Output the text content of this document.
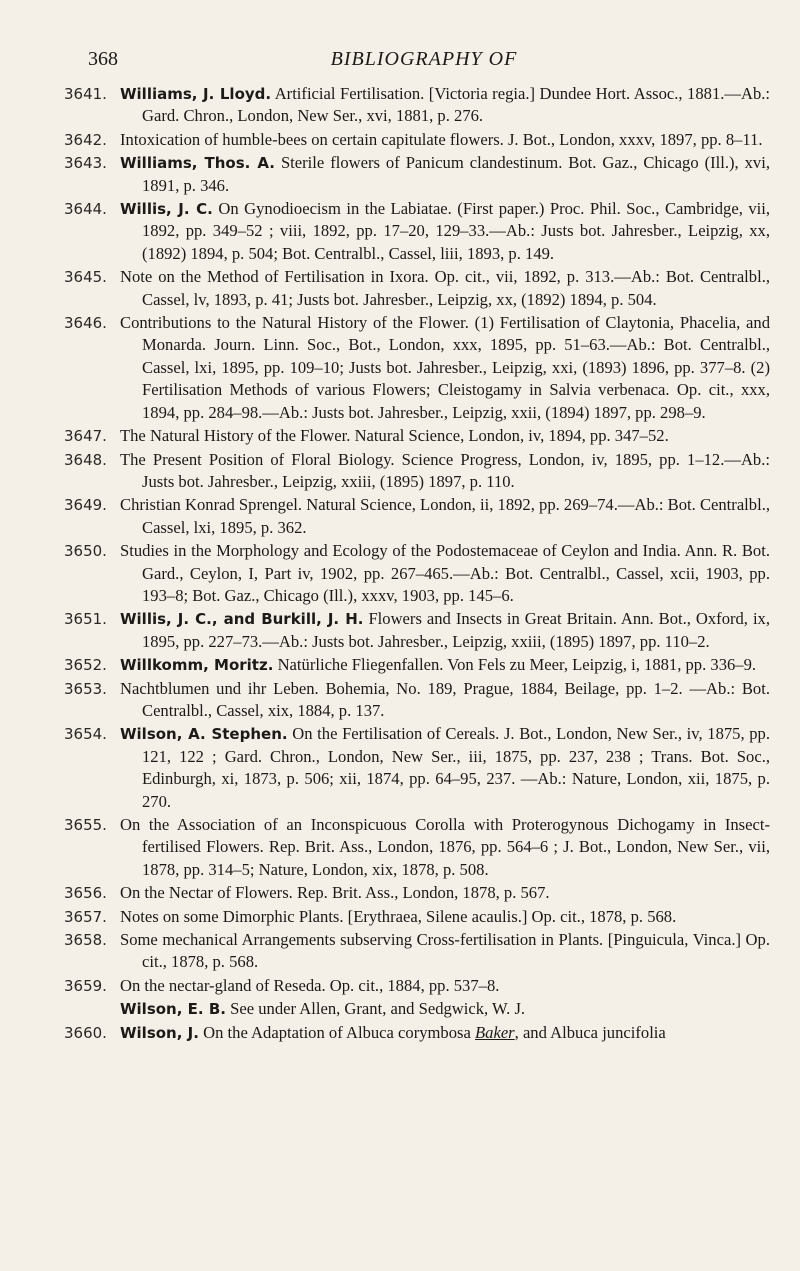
368	BIBLIOGRAPHY OF
3641. Williams, J. Lloyd. Artificial Fertilisation. [Victoria regia.] Dundee Hort. Assoc., 1881.—Ab.: Gard. Chron., London, New Ser., xvi, 1881, p. 276.
3642. Intoxication of humble-bees on certain capitulate flowers. J. Bot., London, xxxv, 1897, pp. 8–11.
3643. Williams, Thos. A. Sterile flowers of Panicum clandestinum. Bot. Gaz., Chicago (Ill.), xvi, 1891, p. 346.
3644. Willis, J. C. On Gynodioecism in the Labiatae. (First paper.) Proc. Phil. Soc., Cambridge, vii, 1892, pp. 349–52 ; viii, 1892, pp. 17–20, 129–33.—Ab.: Justs bot. Jahresber., Leipzig, xx, (1892) 1894, p. 504; Bot. Centralbl., Cassel, liii, 1893, p. 149.
3645. Note on the Method of Fertilisation in Ixora. Op. cit., vii, 1892, p. 313.—Ab.: Bot. Centralbl., Cassel, lv, 1893, p. 41; Justs bot. Jahresber., Leipzig, xx, (1892) 1894, p. 504.
3646. Contributions to the Natural History of the Flower. (1) Fertilisation of Claytonia, Phacelia, and Monarda. Journ. Linn. Soc., Bot., London, xxx, 1895, pp. 51–63.—Ab.: Bot. Centralbl., Cassel, lxi, 1895, pp. 109–10; Justs bot. Jahresber., Leipzig, xxi, (1893) 1896, pp. 377–8. (2) Fertilisation Methods of various Flowers; Cleistogamy in Salvia verbenaca. Op. cit., xxx, 1894, pp. 284–98.—Ab.: Justs bot. Jahresber., Leipzig, xxii, (1894) 1897, pp. 298–9.
3647. The Natural History of the Flower. Natural Science, London, iv, 1894, pp. 347–52.
3648. The Present Position of Floral Biology. Science Progress, London, iv, 1895, pp. 1–12.—Ab.: Justs bot. Jahresber., Leipzig, xxiii, (1895) 1897, p. 110.
3649. Christian Konrad Sprengel. Natural Science, London, ii, 1892, pp. 269–74.—Ab.: Bot. Centralbl., Cassel, lxi, 1895, p. 362.
3650. Studies in the Morphology and Ecology of the Podostemaceae of Ceylon and India. Ann. R. Bot. Gard., Ceylon, I, Part iv, 1902, pp. 267–465.—Ab.: Bot. Centralbl., Cassel, xcii, 1903, pp. 193–8; Bot. Gaz., Chicago (Ill.), xxxv, 1903, pp. 145–6.
3651. Willis, J. C., and Burkill, J. H. Flowers and Insects in Great Britain. Ann. Bot., Oxford, ix, 1895, pp. 227–73.—Ab.: Justs bot. Jahresber., Leipzig, xxiii, (1895) 1897, pp. 110–2.
3652. Willkomm, Moritz. Natürliche Fliegenfallen. Von Fels zu Meer, Leipzig, i, 1881, pp. 336–9.
3653. Nachtblumen und ihr Leben. Bohemia, No. 189, Prague, 1884, Beilage, pp. 1–2. —Ab.: Bot. Centralbl., Cassel, xix, 1884, p. 137.
3654. Wilson, A. Stephen. On the Fertilisation of Cereals. J. Bot., London, New Ser., iv, 1875, pp. 121, 122 ; Gard. Chron., London, New Ser., iii, 1875, pp. 237, 238 ; Trans. Bot. Soc., Edinburgh, xi, 1873, p. 506; xii, 1874, pp. 64–95, 237. —Ab.: Nature, London, xii, 1875, p. 270.
3655. On the Association of an Inconspicuous Corolla with Proterogynous Dichogamy in Insect-fertilised Flowers. Rep. Brit. Ass., London, 1876, pp. 564–6 ; J. Bot., London, New Ser., vii, 1878, pp. 314–5; Nature, London, xix, 1878, p. 508.
3656. On the Nectar of Flowers. Rep. Brit. Ass., London, 1878, p. 567.
3657. Notes on some Dimorphic Plants. [Erythraea, Silene acaulis.] Op. cit., 1878, p. 568.
3658. Some mechanical Arrangements subserving Cross-fertilisation in Plants. [Pinguicula, Vinca.] Op. cit., 1878, p. 568.
3659. On the nectar-gland of Reseda. Op. cit., 1884, pp. 537–8.
Wilson, E. B. See under Allen, Grant, and Sedgwick, W. J.
3660. Wilson, J. On the Adaptation of Albuca corymbosa Baker, and Albuca juncifolia
